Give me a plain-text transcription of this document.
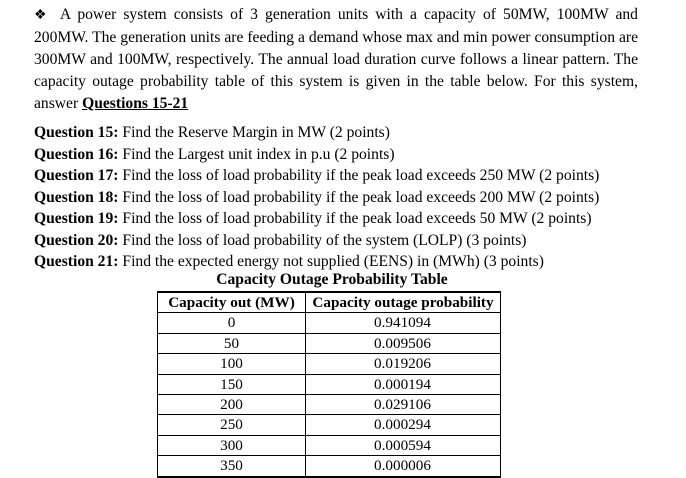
❖ A power system consists of 3 generation units with a capacity of 50MW, 100MW and 200MW. The generation units are feeding a demand whose max and min power consumption are 300MW and 100MW, respectively. The annual load duration curve follows a linear pattern. The capacity outage probability table of this system is given in the table below. For this system, answer Questions 15-21
Question 15: Find the Reserve Margin in MW (2 points)
Question 16: Find the Largest unit index in p.u (2 points)
Question 17: Find the loss of load probability if the peak load exceeds 250 MW (2 points)
Question 18: Find the loss of load probability if the peak load exceeds 200 MW (2 points)
Question 19: Find the loss of load probability if the peak load exceeds 50 MW (2 points)
Question 20: Find the loss of load probability of the system (LOLP) (3 points)
Question 21: Find the expected energy not supplied (EENS) in (MWh) (3 points)
Capacity Outage Probability Table
Capacity out (MW)	Capacity outage probability
0	0.941094
50	0.009506
100	0.019206
150	0.000194
200	0.029106
250	0.000294
300	0.000594
350	0.000006
